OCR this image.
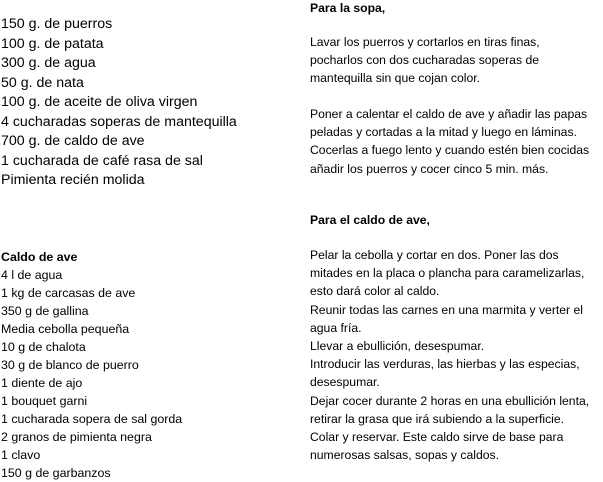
150 g. de puerros
100 g. de patata
300 g. de agua
50 g. de nata
100 g. de aceite de oliva virgen
4 cucharadas soperas de mantequilla
700 g. de caldo de ave
1 cucharada de café rasa de sal
Pimienta recién molida

Caldo de ave

4 l de agua
1 kg de carcasas de ave
350 g de gallina
Media cebolla pequeña
10 g de chalota
30 g de blanco de puerro
1 diente de ajo
1 bouquet garni
1 cucharada sopera de sal gorda
2 granos de pimienta negra
1 clavo
150 g de garbanzos

Para la sopa,

Lavar los puerros y cortarlos en tiras finas,
pocharlos con dos cucharadas soperas de
mantequilla sin que cojan color.

Poner a calentar el caldo de ave y añadir las papas
peladas y cortadas a la mitad y luego en láminas.
Cocerlas a fuego lento y cuando estén bien cocidas
añadir los puerros y cocer cinco 5 min. más.

Para el caldo de ave,

Pelar la cebolla y cortar en dos. Poner las dos
mitades en la placa o plancha para caramelizarlas,
esto dará color al caldo.
Reunir todas las carnes en una marmita y verter el
agua fría.
Llevar a ebullición, desespumar.
Introducir las verduras, las hierbas y las especias,
desespumar.
Dejar cocer durante 2 horas en una ebullición lenta,
retirar la grasa que irá subiendo a la superficie.
Colar y reservar. Este caldo sirve de base para
numerosas salsas, sopas y caldos.
